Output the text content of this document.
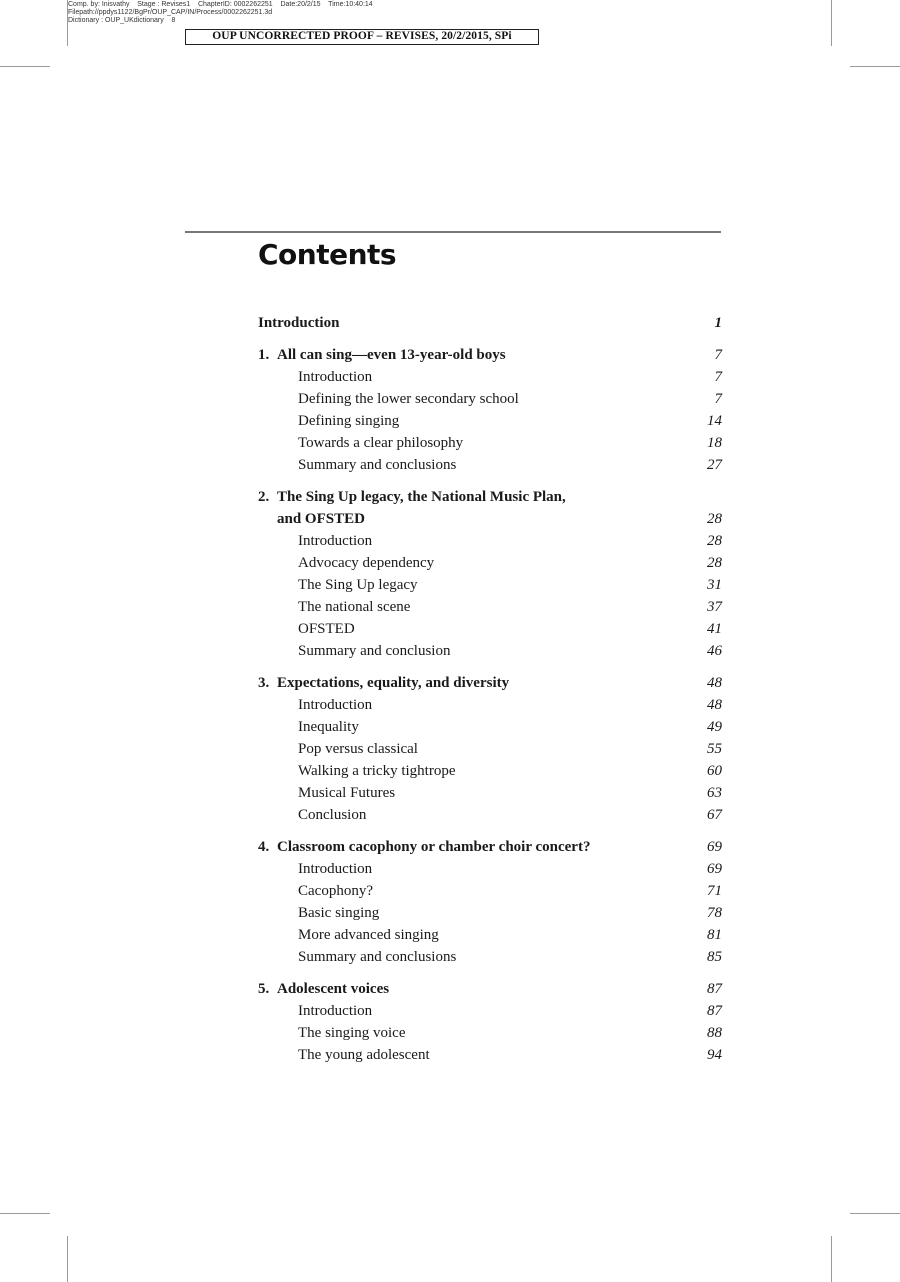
Comp. by: Inisvathy    Stage : Revises1    ChapterID: 0002262251    Date:20/2/15    Time:10:40:14
Filepath://ppdys1122/BgPr/OUP_CAP/IN/Process/0002262251.3d
Dictionary : OUP_UKdictionary    8
OUP UNCORRECTED PROOF – REVISES, 20/2/2015, SPi
Contents
Introduction	1
1. All can sing—even 13-year-old boys	7
Introduction	7
Defining the lower secondary school	7
Defining singing	14
Towards a clear philosophy	18
Summary and conclusions	27
2. The Sing Up legacy, the National Music Plan,
and OFSTED	28
Introduction	28
Advocacy dependency	28
The Sing Up legacy	31
The national scene	37
OFSTED	41
Summary and conclusion	46
3. Expectations, equality, and diversity	48
Introduction	48
Inequality	49
Pop versus classical	55
Walking a tricky tightrope	60
Musical Futures	63
Conclusion	67
4. Classroom cacophony or chamber choir concert?	69
Introduction	69
Cacophony?	71
Basic singing	78
More advanced singing	81
Summary and conclusions	85
5. Adolescent voices	87
Introduction	87
The singing voice	88
The young adolescent	94
